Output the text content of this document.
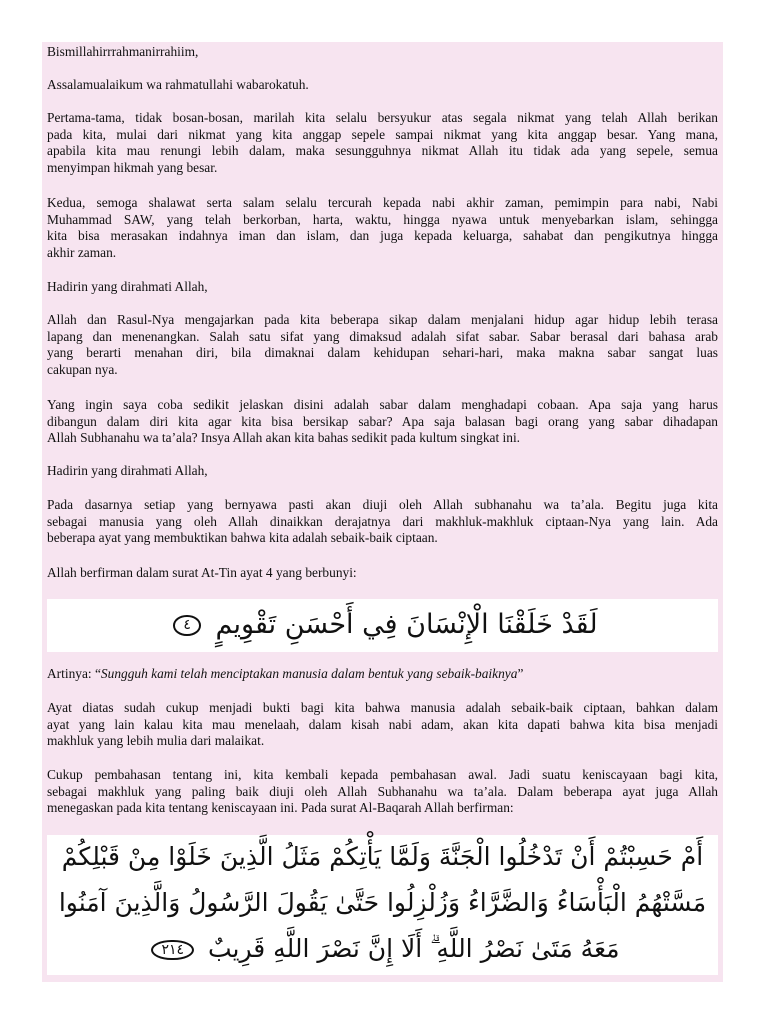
Bismillahirrrahmanirrahiim,

Assalamualaikum wa rahmatullahi wabarokatuh.

Pertama-tama, tidak bosan-bosan, marilah kita selalu bersyukur atas segala nikmat yang telah Allah berikan
pada kita, mulai dari nikmat yang kita anggap sepele sampai nikmat yang kita anggap besar. Yang mana,
apabila kita mau renungi lebih dalam, maka sesungguhnya nikmat Allah itu tidak ada yang sepele, semua
menyimpan hikmah yang besar.
Kedua, semoga shalawat serta salam selalu tercurah kepada nabi akhir zaman, pemimpin para nabi, Nabi
Muhammad SAW, yang telah berkorban, harta, waktu, hingga nyawa untuk menyebarkan islam, sehingga
kita bisa merasakan indahnya iman dan islam, dan juga kepada keluarga, sahabat dan pengikutnya hingga
akhir zaman.

Hadirin yang dirahmati Allah,

Allah dan Rasul-Nya mengajarkan pada kita beberapa sikap dalam menjalani hidup agar hidup lebih terasa
lapang dan menenangkan. Salah satu sifat yang dimaksud adalah sifat sabar. Sabar berasal dari bahasa arab
yang berarti menahan diri, bila dimaknai dalam kehidupan sehari-hari, maka makna sabar sangat luas
cakupan nya.
Yang ingin saya coba sedikit jelaskan disini adalah sabar dalam menghadapi cobaan. Apa saja yang harus
dibangun dalam diri kita agar kita bisa bersikap sabar? Apa saja balasan bagi orang yang sabar dihadapan
Allah Subhanahu wa ta’ala? Insya Allah akan kita bahas sedikit pada kultum singkat ini.

Hadirin yang dirahmati Allah,

Pada dasarnya setiap yang bernyawa pasti akan diuji oleh Allah subhanahu wa ta’ala. Begitu juga kita
sebagai manusia yang oleh Allah dinaikkan derajatnya dari makhluk-makhluk ciptaan-Nya yang lain. Ada
beberapa ayat yang membuktikan bahwa kita adalah sebaik-baik ciptaan.

Allah berfirman dalam surat At-Tin ayat 4 yang berbunyi:

لَقَدْ خَلَقْنَا الْإِنْسَانَ فِي أَحْسَنِ تَقْوِيمٍ ٤

Artinya: “Sungguh kami telah menciptakan manusia dalam bentuk yang sebaik-baiknya”

Ayat diatas sudah cukup menjadi bukti bagi kita bahwa manusia adalah sebaik-baik ciptaan, bahkan dalam
ayat yang lain kalau kita mau menelaah, dalam kisah nabi adam, akan kita dapati bahwa kita bisa menjadi
makhluk yang lebih mulia dari malaikat.
Cukup pembahasan tentang ini, kita kembali kepada pembahasan awal. Jadi suatu keniscayaan bagi kita,
sebagai makhluk yang paling baik diuji oleh Allah Subhanahu wa ta’ala. Dalam beberapa ayat juga Allah
menegaskan pada kita tentang keniscayaan ini. Pada surat Al-Baqarah Allah berfirman:

أَمْ حَسِبْتُمْ أَنْ تَدْخُلُوا الْجَنَّةَ وَلَمَّا يَأْتِكُمْ مَثَلُ الَّذِينَ خَلَوْا مِنْ قَبْلِكُمْ

مَسَّتْهُمُ الْبَأْسَاءُ وَالضَّرَّاءُ وَزُلْزِلُوا حَتَّىٰ يَقُولَ الرَّسُولُ وَالَّذِينَ آمَنُوا

مَعَهُ مَتَىٰ نَصْرُ اللَّهِ ۗ أَلَا إِنَّ نَصْرَ اللَّهِ قَرِيبٌ ٢١٤
